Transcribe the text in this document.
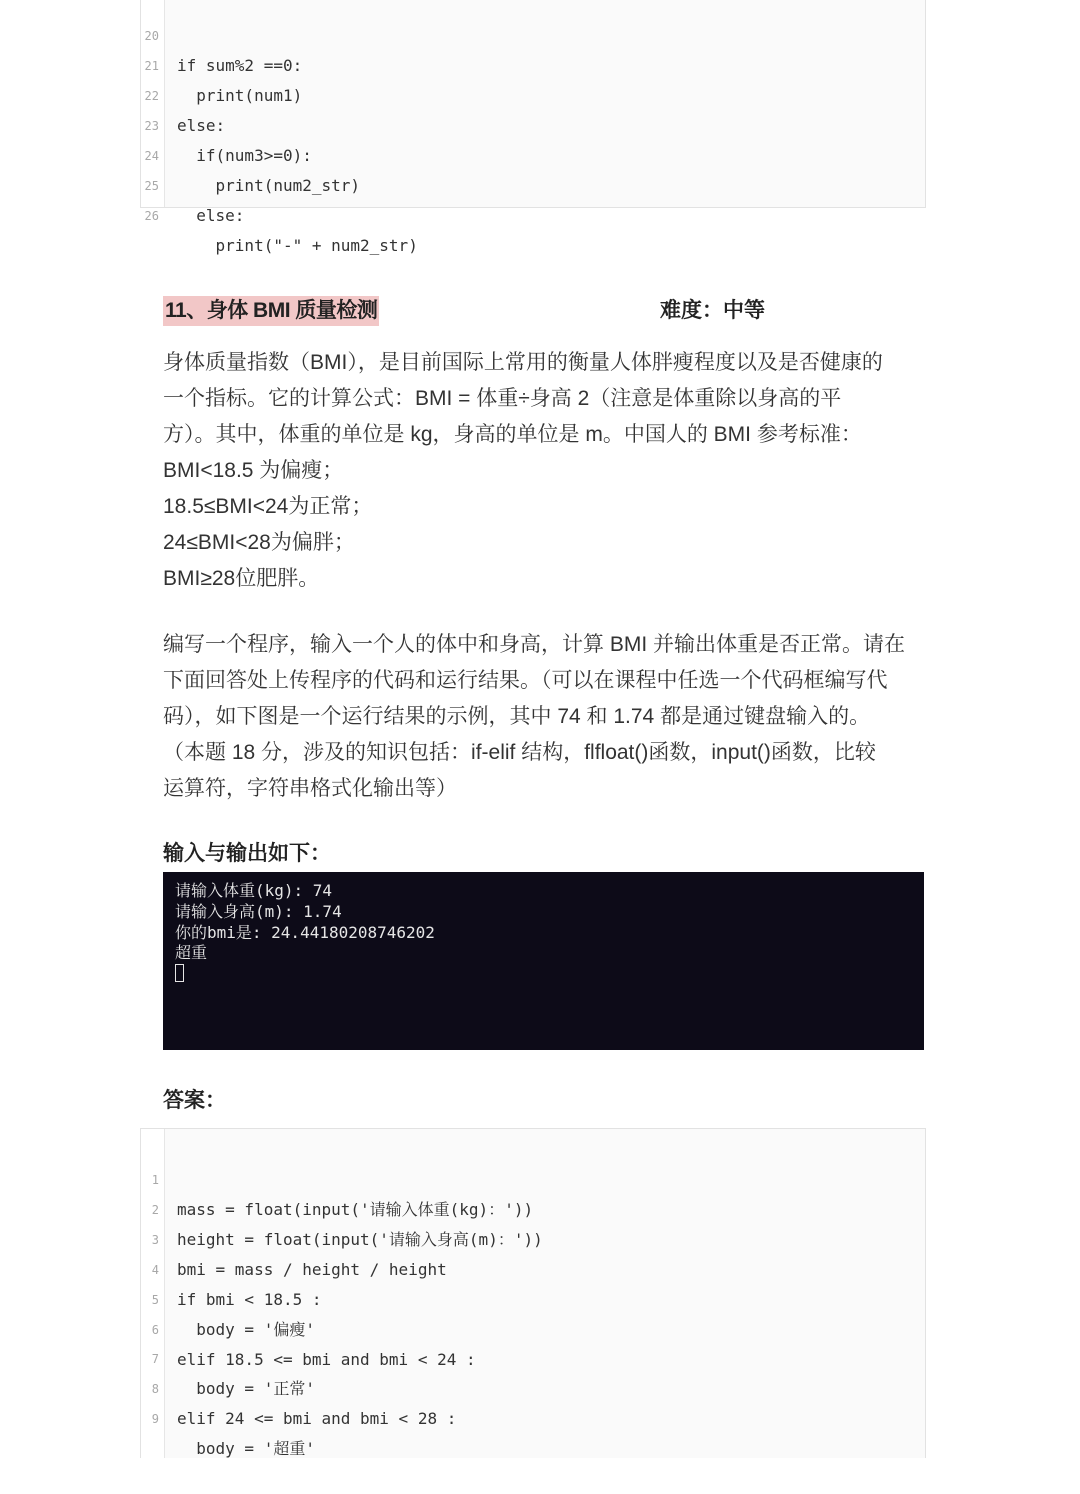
20

if sum%2 ==0:

21

print(num1)

22

else:

23

if(num3>=0):

24

print(num2_str)

25

else:

26

print("-" + num2_str)

11、身体 BMI 质量检测	难度：中等
身体质量指数（BMI），是目前国际上常用的衡量人体胖瘦程度以及是否健康的
一个指标。它的计算公式：BMI = 体重÷身高 2（注意是体重除以身高的平
方）。其中，体重的单位是 kg，身高的单位是 m。中国人的 BMI 参考标准：
BMI<18.5 为偏瘦；
18.5≤BMI<24为正常；
24≤BMI<28为偏胖；
BMI≥28位肥胖。
编写一个程序，输入一个人的体中和身高，计算 BMI 并输出体重是否正常。请在
下面回答处上传程序的代码和运行结果。（可以在课程中任选一个代码框编写代
码），如下图是一个运行结果的示例，其中 74 和 1.74 都是通过键盘输入的。
（本题 18 分，涉及的知识包括：if-elif 结构，flfloat()函数，input()函数，比较
运算符，字符串格式化输出等）
输入与输出如下：
请输入体重(kg): 74
请输入身高(m): 1.74
你的bmi是: 24.44180208746202
超重
答案：

1

mass = float(input('请输入体重(kg)：'))

2

height = float(input('请输入身高(m)：'))

3

bmi = mass / height / height

4

if bmi < 18.5 :

5

body = '偏瘦'

6

elif 18.5 <= bmi and bmi < 24 :

7

body = '正常'

8

elif 24 <= bmi and bmi < 28 :

9

body = '超重'
